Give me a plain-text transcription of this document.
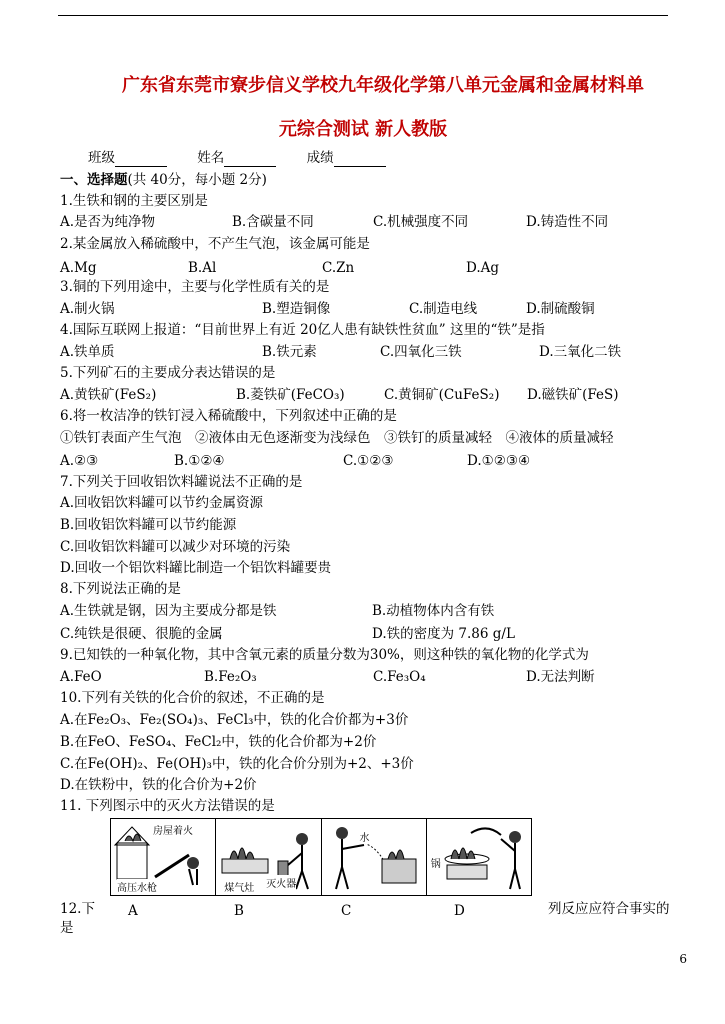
广东省东莞市寮步信义学校九年级化学第八单元金属和金属材料单
元综合测试 新人教版
班级	姓名	成绩
一、选择题(共 40分，每小题 2分)
1.生铁和钢的主要区别是
A.是否为纯净物	B.含碳量不同	C.机械强度不同	D.铸造性不同
2.某金属放入稀硫酸中，不产生气泡，该金属可能是
A.Mg	B.Al	C.Zn	D.Ag
3.铜的下列用途中，主要与化学性质有关的是
A.制火锅	B.塑造铜像	C.制造电线	D.制硫酸铜
4.国际互联网上报道：“目前世界上有近 20亿人患有缺铁性贫血” 这里的“铁”是指
A.铁单质	B.铁元素	C.四氧化三铁	D.三氧化二铁
5.下列矿石的主要成分表达错误的是
A.黄铁矿(FeS₂)	B.菱铁矿(FeCO₃)	C.黄铜矿(CuFeS₂) D.磁铁矿(FeS)
6.将一枚洁净的铁钉浸入稀硫酸中，下列叙述中正确的是
①铁钉表面产生气泡　②液体由无色逐渐变为浅绿色　③铁钉的质量减轻　④液体的质量减轻
A.②③	B.①②④	C.①②③	D.①②③④
7.下列关于回收铝饮料罐说法不正确的是
A.回收铝饮料罐可以节约金属资源
B.回收铝饮料罐可以节约能源
C.回收铝饮料罐可以减少对环境的污染
D.回收一个铝饮料罐比制造一个铝饮料罐要贵
8.下列说法正确的是
A.生铁就是钢，因为主要成分都是铁	B.动植物体内含有铁
C.纯铁是很硬、很脆的金属	D.铁的密度为 7.86 g/L
9.已知铁的一种氧化物，其中含氧元素的质量分数为30%，则这种铁的氧化物的化学式为
A.FeO	B.Fe₂O₃	C.Fe₃O₄	D.无法判断
10.下列有关铁的化合价的叙述，不正确的是
A.在Fe₂O₃、Fe₂(SO₄)₃、FeCl₃中，铁的化合价都为+3价
B.在FeO、FeSO₄、FeCl₂中，铁的化合价都为+2价
C.在Fe(OH)₂、Fe(OH)₃中，铁的化合价分别为+2、+3价
D.在铁粉中，铁的化合价为+2价
11. 下列图示中的灭火方法错误的是
房屋着火
高压水枪	煤气灶 灭火器
水
锅
12.下 A	B	C	D	列反应应符合事实的
是
6
